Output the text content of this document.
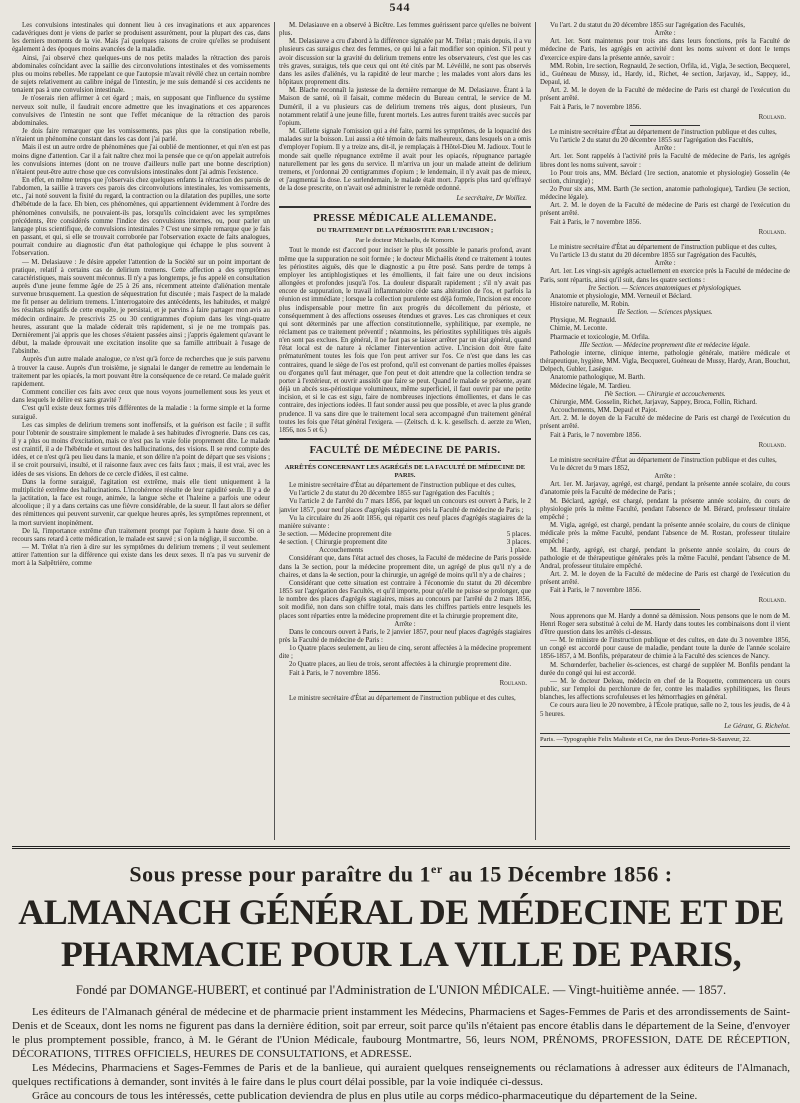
544

Les convulsions intestinales qui donnent lieu à ces invaginations et aux apparences cadavériques dont je viens de parler se produisent assurément, pour la plupart des cas, dans les derniers moments de la vie. Mais j'ai quelques raisons de croire qu'elles se produisent également à des époques moins avancées de la maladie.

Ainsi, j'ai observé chez quelques-uns de nos petits malades la rétraction des parois abdominales coïncidant avec la saillie des circonvolutions intestinales et des vomissements plus ou moins rebelles. Me rappelant ce que l'autopsie m'avait révélé chez un certain nombre de sujets relativement au calibre inégal de l'intestin, je me suis demandé si ces accidents ne tenaient pas à une convulsion intestinale.

Je n'oserais rien affirmer à cet égard ; mais, en supposant que l'influence du système nerveux soit nulle, il faudrait encore admettre que les invaginations et ces apparences convulsives de l'intestin ne sont que l'effet mécanique de la rétraction des parois abdominales.

Je dois faire remarquer que les vomissements, pas plus que la constipation rebelle, n'étaient un phénomène constant dans les cas dont j'ai parlé.

Mais il est un autre ordre de phénomènes que j'ai oublié de mentionner, et qui n'en est pas moins digne d'attention. Car il a fait naître chez moi la pensée que ce qu'on appelait autrefois les convulsions internes (dont on ne trouve d'ailleurs nulle part une bonne description) n'étaient peut-être autre chose que ces convulsions intestinales dont j'ai admis l'existence.

En effet, en même temps que j'observais chez quelques enfants la rétraction des parois de l'abdomen, la saillie à travers ces parois des circonvolutions intestinales, les vomissements, etc., j'ai noté souvent la fixité du regard, la contraction ou la dilatation des pupilles, une sorte d'hébétude de la face. Eh bien, ces phénomènes, qui appartiennent évidemment à l'ordre des phénomènes convulsifs, ne pouvaient-ils pas, lorsqu'ils coïncidaient avec les symptômes précédents, être considérés comme l'indice des convulsions internes, ou, pour parler un langage plus scientifique, de convulsions intestinales ? C'est une simple remarque que je fais en passant, et qui, si elle se trouvait corroborée par l'observation exacte de faits analogues, pourrait conduire au diagnostic d'un état pathologique qui échappe le plus souvent à l'observation.

— M. Delasiauve : Je désire appeler l'attention de la Société sur un point important de pratique, relatif à certains cas de delirium tremens. Cette affection a des symptômes caractéristiques, mais souvent méconnus. Il n'y a pas longtemps, je fus appelé en consultation auprès d'une jeune femme âgée de 25 à 26 ans, récemment atteinte d'aliénation mentale survenue brusquement. La question de séquestration fut discutée ; mais l'aspect de la malade me fit penser au delirium tremens. L'interrogatoire des antécédents, les habitudes, et malgré les résultats négatifs de cette enquête, je persistai, et je parvins à faire partager mon avis au médecin ordinaire. Je prescrivis 25 ou 30 centigrammes d'opium dans les vingt-quatre heures, assurant que la malade céderait très rapidement, si je ne me trompais pas. Dernièrement j'ai appris que les choses s'étaient passées ainsi ; j'appris également qu'avant le début, la malade éprouvait une excitation insolite que sa famille attribuait à l'usage de l'absinthe.

Auprès d'un autre malade analogue, ce n'est qu'à force de recherches que je suis parvenu à trouver la cause. Auprès d'un troisième, je signalai le danger de remettre au lendemain le traitement par les opiacés, la mort pouvant être la conséquence de ce retard. Ce malade guérit rapidement.

Comment concilier ces faits avec ceux que nous voyons journellement sous les yeux et dans lesquels le délire est sans gravité ?

C'est qu'il existe deux formes très différentes de la maladie : la forme simple et la forme suraiguë.

Les cas simples de delirium tremens sont inoffensifs, et la guérison est facile ; il suffit pour l'obtenir de soustraire simplement le malade à ses habitudes d'ivrognerie. Dans ces cas, il y a plus ou moins d'excitation, mais ce n'est pas la vraie folie proprement dite. Le malade est craintif, il a de l'hébétude et surtout des hallucinations, des visions. Il se rend compte des idées, et ce n'est qu'à peu lieu dans la manie, et son délire n'a point de départ que ses visions ; il se croit poursuivi, insulté, et il raisonne faux avec ces faits faux ; mais, il est vrai, avec les idées de ses visions. En dehors de ce cercle d'idées, il est calme.

Dans la forme suraiguë, l'agitation est extrême, mais elle tient uniquement à la multiplicité extrême des hallucinations. L'incohérence résulte de leur rapidité seule. Il y a de la jactitation, la face est rouge, animée, la langue sèche et l'haleine a parfois une odeur alcoolique ; il y a dans certains cas une fièvre considérable, de la sueur. Il faut alors se défier des rémittences qui peuvent survenir, car quelque heures après, les symptômes reprennent, et la mort survient inopinément.

De là, l'importance extrême d'un traitement prompt par l'opium à haute dose. Si on a recours sans retard à cette médication, le malade est sauvé ; si on la néglige, il succombe.

— M. Trélat n'a rien à dire sur les symptômes du delirium tremens ; il veut seulement attirer l'attention sur la différence qui existe dans les deux sexes. Il n'a pas vu survenir de mort à la Salpêtrière, comme

M. Delasiauve en a observé à Bicêtre. Les femmes guérissent parce qu'elles ne boivent plus.

M. Delasiauve a cru d'abord à la différence signalée par M. Trélat ; mais depuis, il a vu plusieurs cas suraigus chez des femmes, ce qui lui a fait modifier son opinion. S'il peut y avoir discussion sur la gravité du delirium tremens entre les observateurs, c'est que les cas très graves, suraigus, tels que ceux qui ont été cités par M. Lévéillé, ne sont pas observés dans les asiles d'aliénés, vu la rapidité de leur marche ; les malades vont alors dans les hôpitaux proprement dits.

M. Blache reconnaît la justesse de la dernière remarque de M. Delasiauve. Étant à la Maison de santé, où il faisait, comme médecin du Bureau central, le service de M. Duméril, il a vu plusieurs cas de delirium tremens très aigus, dont plusieurs, l'un notamment relatif à une jeune fille, furent mortels. Les autres furent traités avec succès par l'opium.

M. Gillette signale l'omission qui a été faite, parmi les symptômes, de la loquacité des malades sur la boisson. Lui aussi a été témoin de faits malheureux, dans lesquels on a omis d'employer l'opium. Il y a treize ans, dit-il, je remplaçais à l'Hôtel-Dieu M. Jadioux. Tout le monde sait quelle répugnance extrême il avait pour les opiacés, répugnance partagée naturellement par les gens du service. Il m'arriva un jour un malade atteint de delirium tremens, et j'ordonnai 20 centigrammes d'opium ; le lendemain, il n'y avait pas de mieux, et j'augmentai la dose. Le surlendemain, le malade était mort. J'appris plus tard qu'effrayé de la dose prescrite, on n'avait osé administrer le remède ordonné.

Le secrétaire, Dr Woillez.

PRESSE MÉDICALE ALLEMANDE.
DU TRAITEMENT DE LA PÉRIOSTITE PAR L'INCISION ;
Par le docteur Michaelis, de Komorn.

Tout le monde est d'accord pour inciser le plus tôt possible le panaris profond, avant même que la suppuration ne soit formée ; le docteur Michaëlis étend ce traitement à toutes les périostites aiguës, dès que le diagnostic a pu être posé. Sans perdre de temps à employer les antiphlogistiques et les émollients, il fait faire une ou deux incisions allongées et profondes jusqu'à l'os. La douleur disparaît rapidement ; s'il n'y avait pas encore de suppuration, le travail inflammatoire cède sans altération de l'os, et parfois la réunion est immédiate ; lorsque la collection purulente est déjà formée, l'incision est encore plus indispensable pour mettre fin aux progrès du décollement du périoste, et conséquemment à des affections osseuses étendues et graves. Les cas chroniques et ceux qui sont déterminés par une affection constitutionnelle, syphilitique, par exemple, ne réclament pas ce traitement préventif ; néanmoins, les périostites syphilitiques très aiguës n'en sont pas exclues. En général, il ne faut pas se laisser arrêter par un état général, quand l'état local est de nature à réclamer l'intervention active. L'incision doit être faite prématurément toutes les fois que l'on peut arriver sur l'os. Ce n'est que dans les cas contraires, quand le siège de l'os est profond, qu'il est convenant de parties molles épaisses ou d'organes qu'il faut ménager, que l'on peut et doit attendre que la collection tendra se porter à l'extérieur, et ouvrir aussitôt que faire se peut. Quand le malade se présente, ayant déjà un abcès sus-périostique volumineux, même superficiel, il faut ouvrir par une petite incision, et si le cas est sigu, faire de nombreuses injections émollientes, et dans le cas contraire, des injections iodées. Il faut sonder aussi peu que possible, et avec la plus grande prudence. Il va sans dire que le traitement local sera accompagné d'un traitement général toutes les fois que l'état général l'exigera. — (Zeitsch. d. k. k. gesellsch. d. aerzte zu Wien, 1856, nos 5 et 6.)

FACULTÉ DE MÉDECINE DE PARIS.
ARRÊTÉS CONCERNANT LES AGRÉGÉS DE LA FACULTÉ DE MÉDECINE DE PARIS.

Le ministre secrétaire d'État au département de l'instruction publique et des cultes,

Vu l'article 2 du statut du 20 décembre 1855 sur l'agrégation des Facultés ;

Vu l'article 2 de l'arrêté du 7 mars 1856, par lequel un concours est ouvert à Paris, le 2 janvier 1857, pour neuf places d'agrégés stagiaires près la Faculté de médecine de Paris ;

Vu la circulaire du 26 août 1856, qui répartit ces neuf places d'agrégés stagiaires de la manière suivante :

3e section. — Médecine proprement dite	5 places.
4e section. { Chirurgie proprement dite	3 places.
Accouchements	1 place.

Considérant que, dans l'état actuel des choses, la Faculté de médecine de Paris possède dans la 3e section, pour la médecine proprement dite, un agrégé de plus qu'il n'y a de chaires, et dans la 4e section, pour la chirurgie, un agrégé de moins qu'il n'y a de chaires ;

Considérant que cette situation est contraire à l'économie du statut du 20 décembre 1855 sur l'agrégation des Facultés, et qu'il importe, pour qu'elle ne puisse se prolonger, que le nombre des places d'agrégés stagiaires, mises au concours par l'arrêté du 2 mars 1856, soit modifié, non dans son chiffre total, mais dans les chiffres partiels entre lesquels les places sont réparties entre la médecine proprement dite et la chirurgie proprement dite,

Arrête :

Dans le concours ouvert à Paris, le 2 janvier 1857, pour neuf places d'agrégés stagiaires près la Faculté de médecine de Paris :

1o Quatre places seulement, au lieu de cinq, seront affectées à la médecine proprement dite ;

2o Quatre places, au lieu de trois, seront affectées à la chirurgie proprement dite.

Fait à Paris, le 7 novembre 1856.

Rouland.

Le ministre secrétaire d'État au département de l'instruction publique et des cultes,

Vu l'art. 2 du statut du 20 décembre 1855 sur l'agrégation des Facultés,

Arrête :

Art. 1er. Sont maintenus pour trois ans dans leurs fonctions, près la Faculté de médecine de Paris, les agrégés en activité dont les noms suivent et dont le temps d'exercice expire dans la présente année, savoir :

MM. Robin, 1re section, Regnauld, 2e section, Orfila, id., Vigla, 3e section, Becquerel, id., Guéneau de Mussy, id., Hardy, id., Richet, 4e section, Jarjavay, id., Sappey, id., Depaul, id.

Art. 2. M. le doyen de la Faculté de médecine de Paris est chargé de l'exécution du présent arrêté.

Fait à Paris, le 7 novembre 1856.

Rouland.

Le ministre secrétaire d'État au département de l'instruction publique et des cultes,

Vu l'article 2 du statut du 20 décembre 1855 sur l'agrégation des Facultés,

Arrête :

Art. 1er. Sont rappelés à l'activité près la Faculté de médecine de Paris, les agrégés libres dont les noms suivent, savoir :

1o Pour trois ans, MM. Béclard (1re section, anatomie et physiologie) Gosselin (4e section, chirurgie) ;

2o Pour six ans, MM. Barth (3e section, anatomie pathologique), Tardieu (3e section, médecine légale).

Art. 2. M. le doyen de la Faculté de médecine de Paris est chargé de l'exécution du présent arrêté.

Fait à Paris, le 7 novembre 1856.

Rouland.

Le ministre secrétaire d'État au département de l'instruction publique et des cultes,

Vu l'article 13 du statut du 20 décembre 1855 sur l'agrégation des Facultés,

Arrête :

Art. 1er. Les vingt-six agrégés actuellement en exercice près la Faculté de médecine de Paris, sont répartis, ainsi qu'il suit, dans les quatre sections :

Ire Section. — Sciences anatomiques et physiologiques.

Anatomie et physiologie, MM. Verneuil et Béclard.

Histoire naturelle, M. Robin.

IIe Section. — Sciences physiques.

Physique, M. Regnauld.

Chimie, M. Leconte.

Pharmacie et toxicologie, M. Orfila.

IIIe Section. — Médecine proprement dite et médecine légale.

Pathologie interne, clinique interne, pathologie générale, matière médicale et thérapeutique, hygiène, MM. Vigla, Becquerel, Guéneau de Mussy, Hardy, Aran, Bouchut, Delpech, Gubler, Lasègue.

Anatomie pathologique, M. Barth.

Médecine légale, M. Tardieu.

IVe Section. — Chirurgie et accouchements.

Chirurgie, MM. Gosselin, Richet, Jarjavay, Sappey, Broca, Follin, Richard.

Accouchements, MM. Depaul et Pajot.

Art. 2. M. le doyen de la Faculté de médecine de Paris est chargé de l'exécution du présent arrêté.

Fait à Paris, le 7 novembre 1856.

Rouland.

Le ministre secrétaire d'État au département de l'instruction publique et des cultes,

Vu le décret du 9 mars 1852,

Arrête :

Art. 1er. M. Jarjavay, agrégé, est chargé, pendant la présente année scolaire, du cours d'anatomie près la Faculté de médecine de Paris ;

M. Béclard, agrégé, est chargé, pendant la présente année scolaire, du cours de physiologie près la même Faculté, pendant l'absence de M. Bérard, professeur titulaire empêché ;

M. Vigla, agrégé, est chargé, pendant la présente année scolaire, du cours de clinique médicale près la même Faculté, pendant l'absence de M. Rostan, professeur titulaire empêché ;

M. Hardy, agrégé, est chargé, pendant la présente année scolaire, du cours de pathologie et de thérapeutique générales près la même Faculté, pendant l'absence de M. Andral, professeur titulaire empêché.

Art. 2. M. le doyen de la Faculté de médecine de Paris est chargé de l'exécution du présent arrêté.

Fait à Paris, le 7 novembre 1856.

Rouland.

Nous apprenons que M. Hardy a donné sa démission. Nous pensons que le nom de M. Henri Roger sera substitué à celui de M. Hardy dans toutes les combinaisons dont il vient d'être question dans les arrêtés ci-dessus.

— M. le ministre de l'instruction publique et des cultes, en date du 3 novembre 1856, un congé est accordé pour cause de maladie, pendant toute la durée de l'année scolaire 1856-1857, à M. Bonfils, préparateur de chimie à la Faculté des sciences de Nancy.

M. Schœnderfer, bachelier ès-sciences, est chargé de suppléer M. Bonfils pendant la durée du congé qui lui est accordé.

— M. le docteur Deleau, médecin en chef de la Roquette, commencera un cours public, sur l'emploi du perchlorure de fer, contre les maladies syphilitiques, les fleurs blanches, les affections scrofuleuses et les hémorrhagies en général.

Ce cours aura lieu le 20 novembre, à l'École pratique, salle no 2, tous les jeudis, de 4 à 5 heures.

Le Gérant, G. Richelot.
Paris. —Typographie Felix Malteste et Ce, rue des Deux-Portes-St-Sauveur, 22.
Sous presse pour paraître du 1er au 15 Décembre 1856 :
ALMANACH GÉNÉRAL DE MÉDECINE ET DE PHARMACIE POUR LA VILLE DE PARIS,
Fondé par DOMANGE-HUBERT, et continué par l'Administration de L'UNION MÉDICALE. — Vingt-huitième année. — 1857.

Les éditeurs de l'Almanach général de médecine et de pharmacie prient instamment les Médecins, Pharmaciens et Sages-Femmes de Paris et des arrondissements de Saint-Denis et de Sceaux, dont les noms ne figurent pas dans la dernière édition, soit par erreur, soit parce qu'ils n'étaient pas encore établis dans le département de la Seine, d'envoyer le plus promptement possible, franco, à M. le Gérant de l'Union Médicale, faubourg Montmartre, 56, leurs NOM, PRÉNOMS, PROFESSION, DATE DE RÉCEPTION, DÉCORATIONS, TITRES OFFICIELS, HEURES DE CONSULTATIONS, et ADRESSE.

Les Médecins, Pharmaciens et Sages-Femmes de Paris et de la banlieue, qui auraient quelques renseignements ou réclamations à adresser aux éditeurs de l'Almanach, quelques rectifications à demander, sont invités à le faire dans le plus court délai possible, par la voie indiquée ci-dessus.

Grâce au concours de tous les intéressés, cette publication deviendra de plus en plus utile au corps médico-pharmaceutique du département de la Seine.
